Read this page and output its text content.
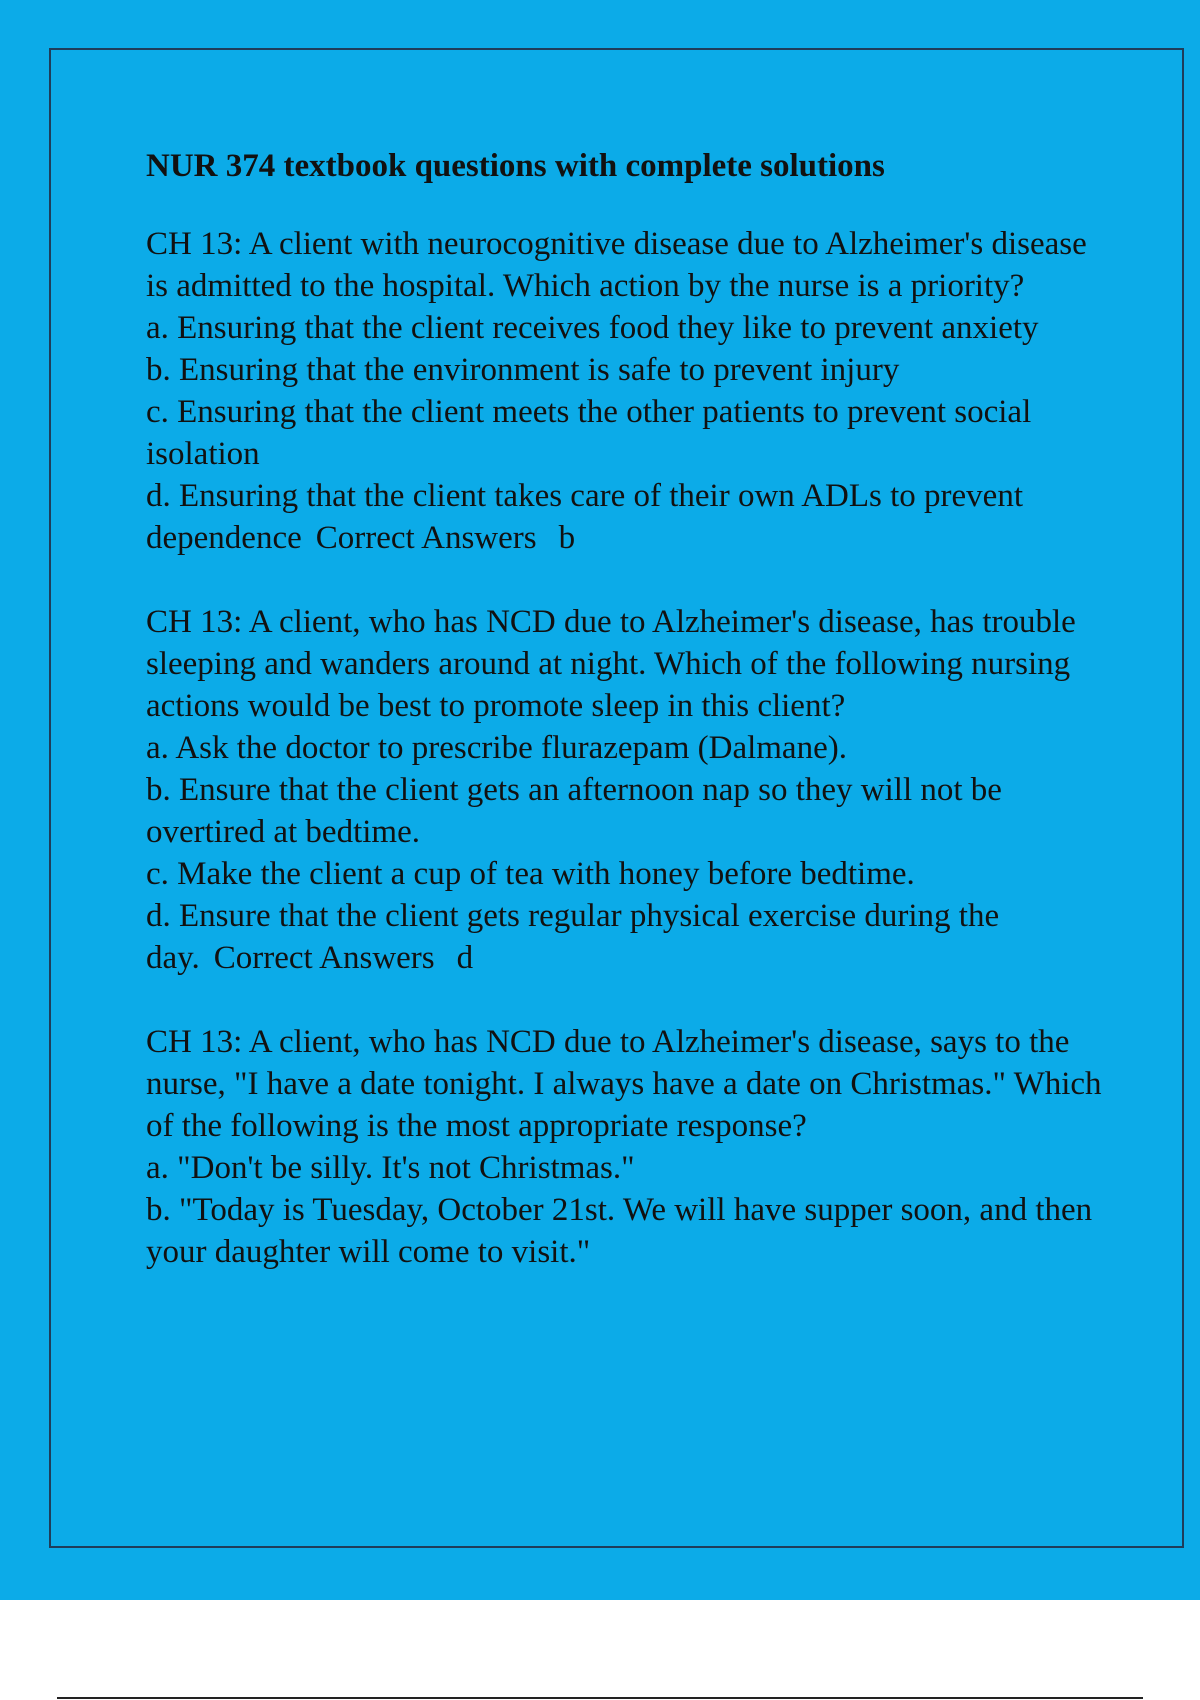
NUR 374 textbook questions with complete solutions
CH 13: A client with neurocognitive disease due to Alzheimer's disease is admitted to the hospital. Which action by the nurse is a priority?
a. Ensuring that the client receives food they like to prevent anxiety
b. Ensuring that the environment is safe to prevent injury
c. Ensuring that the client meets the other patients to prevent social isolation
d. Ensuring that the client takes care of their own ADLs to prevent dependence Correct Answers b
CH 13: A client, who has NCD due to Alzheimer's disease, has trouble sleeping and wanders around at night. Which of the following nursing actions would be best to promote sleep in this client?
a. Ask the doctor to prescribe flurazepam (Dalmane).
b. Ensure that the client gets an afternoon nap so they will not be overtired at bedtime.
c. Make the client a cup of tea with honey before bedtime.
d. Ensure that the client gets regular physical exercise during the day. Correct Answers d
CH 13: A client, who has NCD due to Alzheimer's disease, says to the nurse, "I have a date tonight. I always have a date on Christmas." Which of the following is the most appropriate response?
a. "Don't be silly. It's not Christmas."
b. "Today is Tuesday, October 21st. We will have supper soon, and then your daughter will come to visit."
